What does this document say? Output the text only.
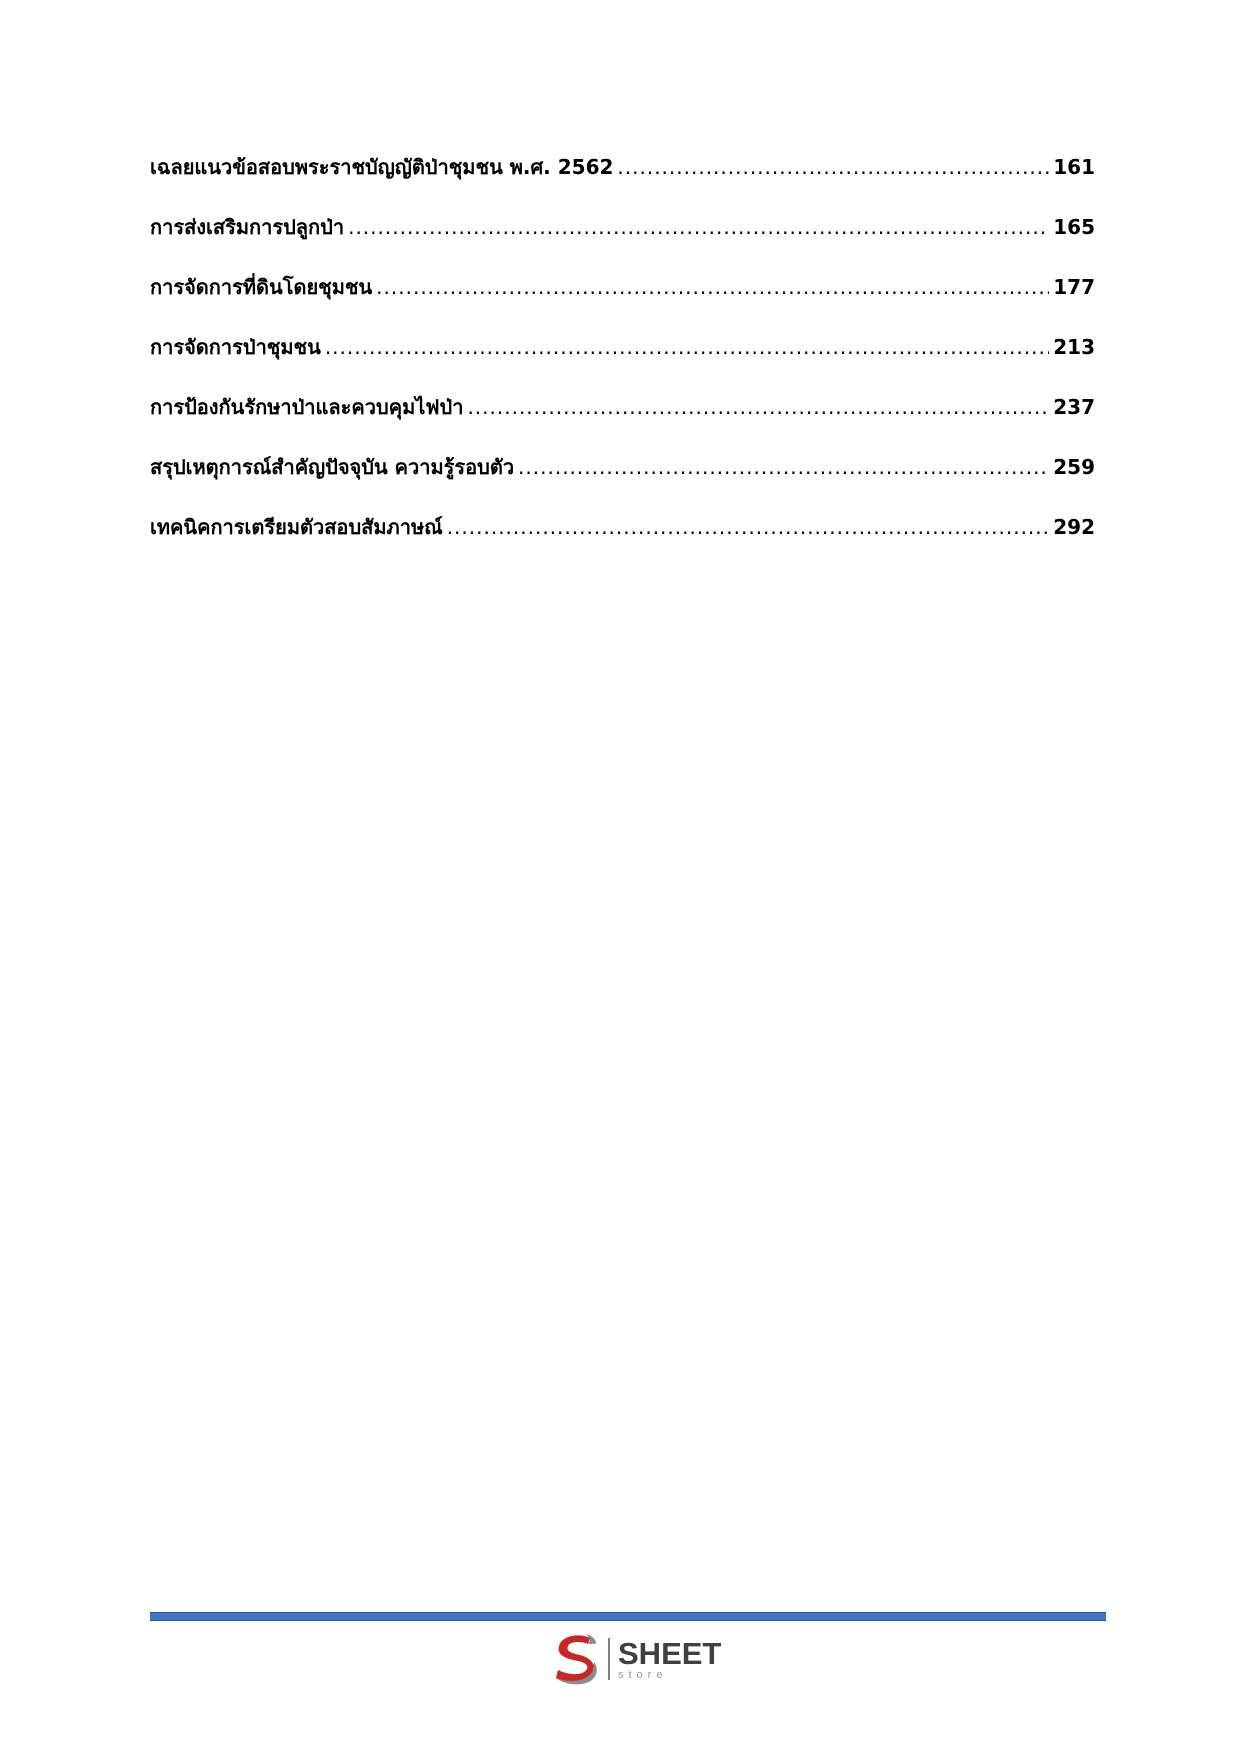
เฉลยแนวข้อสอบพระราชบัญญัติป่าชุมชน พ.ศ. 2562 .....	161
การส่งเสริมการปลูกป่า .....	165
การจัดการที่ดินโดยชุมชน .....	177
การจัดการป่าชุมชน .....	213
การป้องกันรักษาป่าและควบคุมไฟป่า .....	237
สรุปเหตุการณ์สำคัญปัจจุบัน ความรู้รอบตัว .....	259
เทคนิคการเตรียมตัวสอบสัมภาษณ์ .....	292
SHEET
store
